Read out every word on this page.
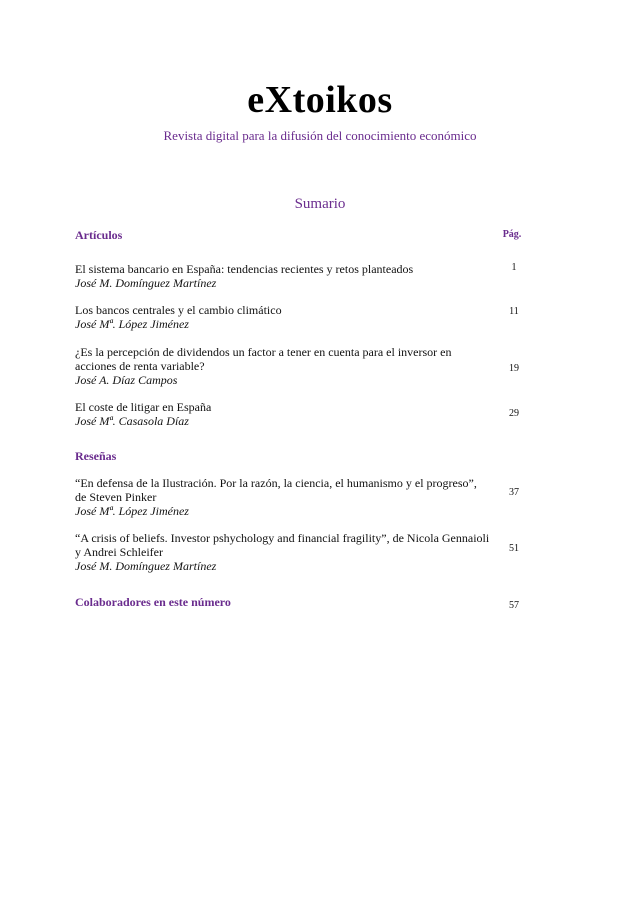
eXtoikos
Revista digital para la difusión del conocimiento económico
Sumario
Artículos	Pág.
El sistema bancario en España: tendencias recientes y retos planteados
José M. Domínguez Martínez
1
Los bancos centrales y el cambio climático
José Mª. López Jiménez
11
¿Es la percepción de dividendos un factor a tener en cuenta para el inversor en acciones de renta variable?
José A. Díaz Campos
19
El coste de litigar en España
José Mª. Casasola Díaz
29
Reseñas
“En defensa de la Ilustración. Por la razón, la ciencia, el humanismo y el progreso”, de Steven Pinker
José Mª. López Jiménez
37
“A crisis of beliefs. Investor pshychology and financial fragility”, de Nicola Gennaioli y Andrei Schleifer
José M. Domínguez Martínez
51
Colaboradores en este número	57
